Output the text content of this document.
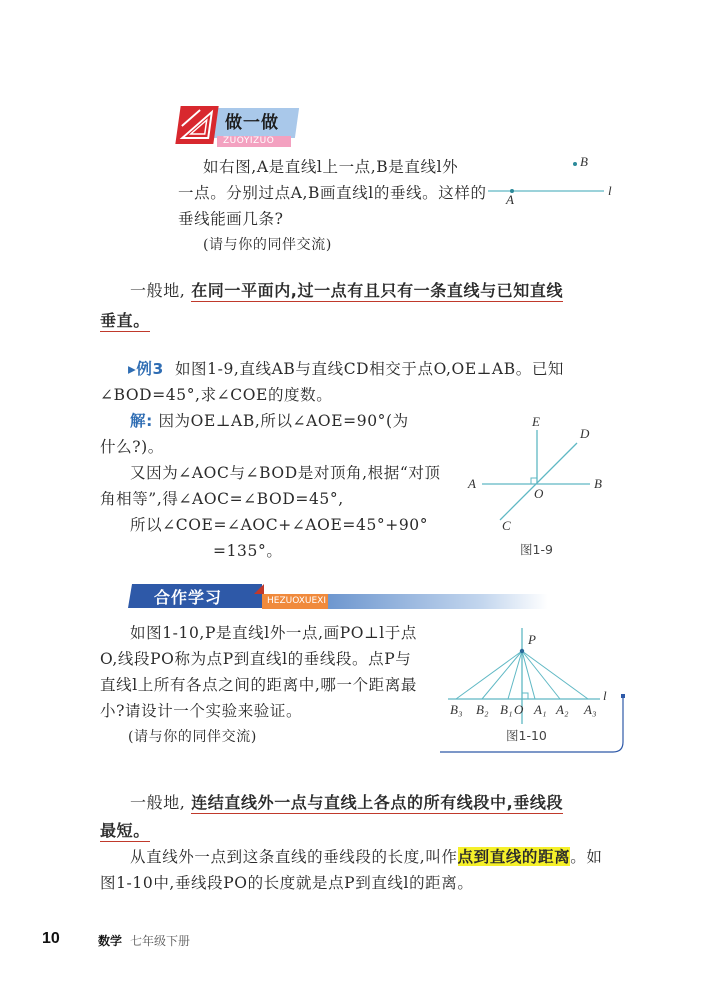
做一做
ZUOYIZUO
如右图,A是直线l上一点,B是直线l外
一点。分别过点A,B画直线l的垂线。这样的
垂线能画几条?
(请与你的同伴交流)
A
B
l
一般地, 在同一平面内,过一点有且只有一条直线与已知直线
垂直。
▸例3 如图1-9,直线AB与直线CD相交于点O,OE⊥AB。已知
∠BOD=45°,求∠COE的度数。
解: 因为OE⊥AB,所以∠AOE=90°(为
什么?)。
又因为∠AOC与∠BOD是对顶角,根据“对顶
角相等”,得∠AOC=∠BOD=45°,
所以∠COE=∠AOC+∠AOE=45°+90°
=135°。
A	B
C
D
E
O
图1-9
合作学习	HEZUOXUEXI
如图1-10,P是直线l外一点,画PO⊥l于点
O,线段PO称为点P到直线l的垂线段。点P与
直线l上所有各点之间的距离中,哪一个距离最
小?请设计一个实验来验证。
(请与你的同伴交流)
P
l
B₃ B₂ B₁ O A₁ A₂ A₃
图1-10
一般地, 连结直线外一点与直线上各点的所有线段中,垂线段
最短。
从直线外一点到这条直线的垂线段的长度,叫作点到直线的距离。如
图1-10中,垂线段PO的长度就是点P到直线l的距离。
10	数学 七年级下册
